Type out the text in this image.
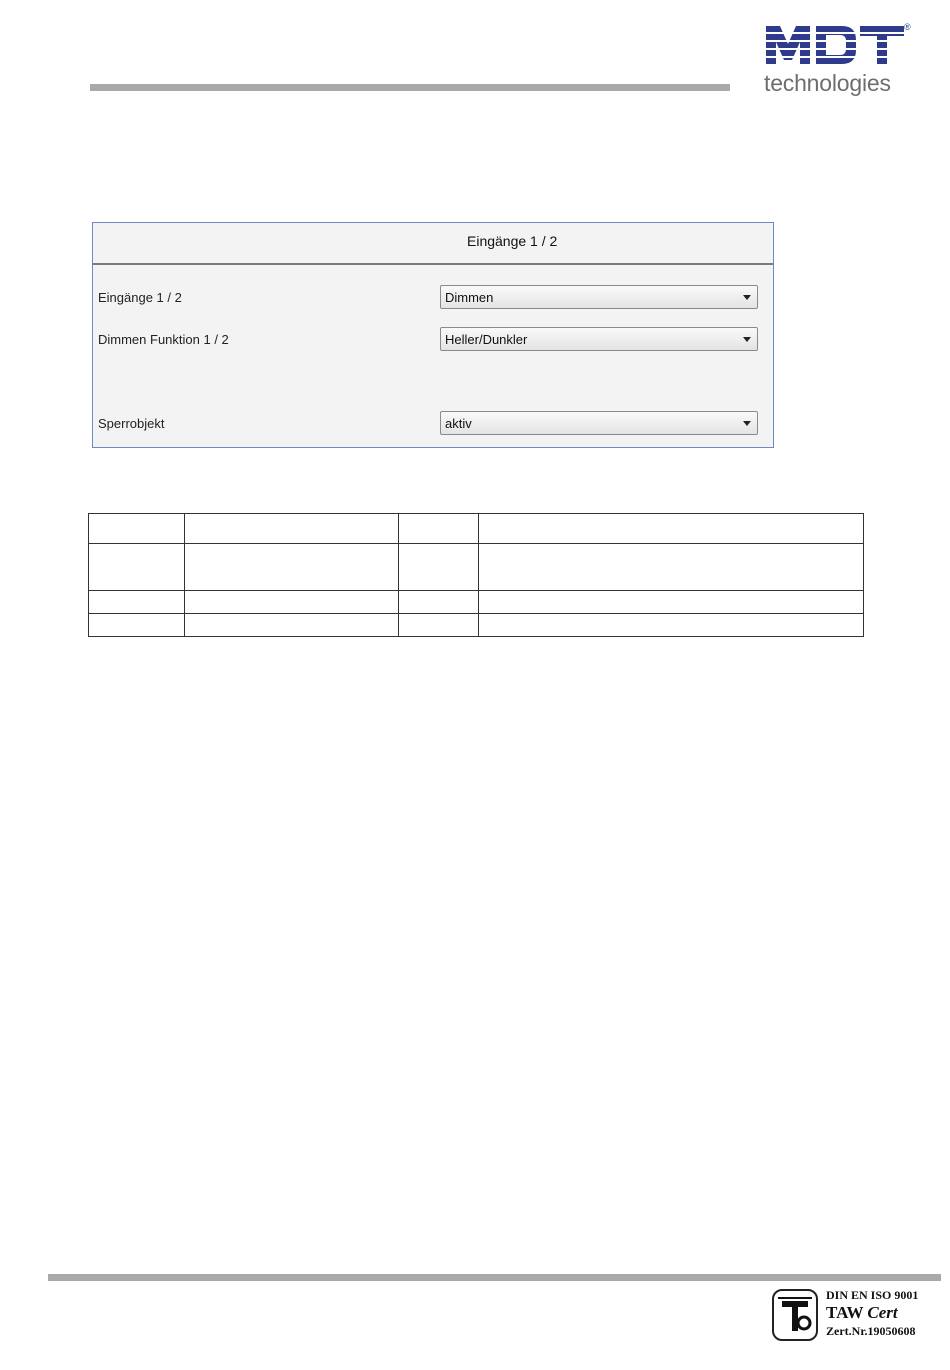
®
technologies
Eingänge 1 / 2
Eingänge 1 / 2	Dimmen
Dimmen Funktion 1 / 2	Heller/Dunkler
Sperrobjekt	aktiv

DIN EN ISO 9001
TAW Cert
Zert.Nr.19050608
